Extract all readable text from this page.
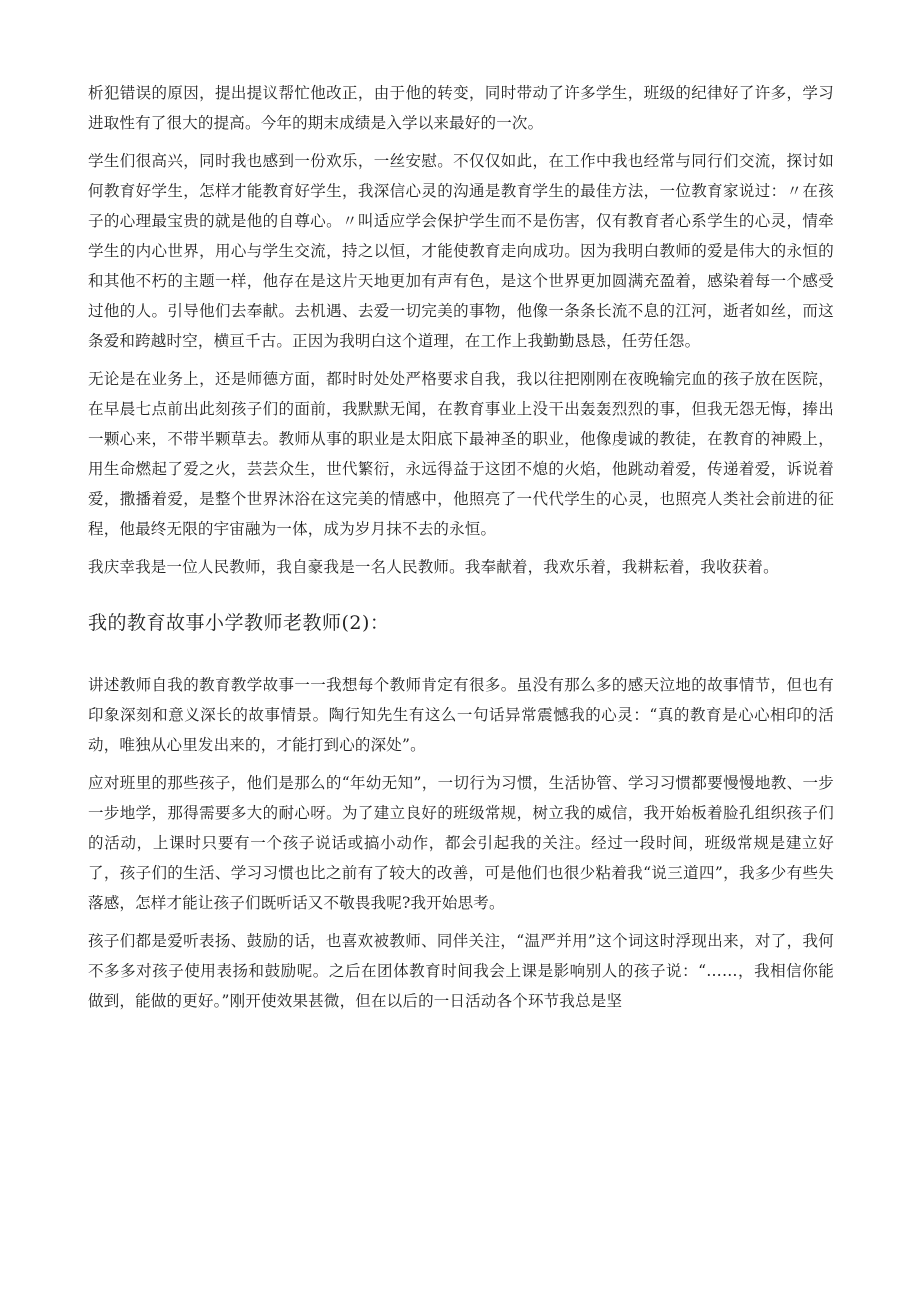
析犯错误的原因，提出提议帮忙他改正，由于他的转变，同时带动了许多学生，班级的纪律好了许多，学习进取性有了很大的提高。今年的期末成绩是入学以来最好的一次。

学生们很高兴，同时我也感到一份欢乐，一丝安慰。不仅仅如此，在工作中我也经常与同行们交流，探讨如何教育好学生，怎样才能教育好学生，我深信心灵的沟通是教育学生的最佳方法，一位教育家说过：〃在孩子的心理最宝贵的就是他的自尊心。〃叫适应学会保护学生而不是伤害，仅有教育者心系学生的心灵，情牵学生的内心世界，用心与学生交流，持之以恒，才能使教育走向成功。因为我明白教师的爱是伟大的永恒的和其他不朽的主题一样，他存在是这片天地更加有声有色，是这个世界更加圆满充盈着，感染着每一个感受过他的人。引导他们去奉献。去机遇、去爱一切完美的事物，他像一条条长流不息的江河，逝者如丝，而这条爱和跨越时空，横亘千古。正因为我明白这个道理，在工作上我勤勤恳恳，任劳任怨。

无论是在业务上，还是师德方面，都时时处处严格要求自我，我以往把刚刚在夜晚输完血的孩子放在医院，在早晨七点前出此刻孩子们的面前，我默默无闻，在教育事业上没干出轰轰烈烈的事，但我无怨无悔，捧出一颗心来，不带半颗草去。教师从事的职业是太阳底下最神圣的职业，他像虔诚的教徒，在教育的神殿上，用生命燃起了爱之火，芸芸众生，世代繁衍，永远得益于这团不熄的火焰，他跳动着爱，传递着爱，诉说着爱，撒播着爱，是整个世界沐浴在这完美的情感中，他照亮了一代代学生的心灵，也照亮人类社会前进的征程，他最终无限的宇宙融为一体，成为岁月抹不去的永恒。

我庆幸我是一位人民教师，我自豪我是一名人民教师。我奉献着，我欢乐着，我耕耘着，我收获着。

我的教育故事小学教师老教师(2)：

讲述教师自我的教育教学故事一一我想每个教师肯定有很多。虽没有那么多的感天泣地的故事情节，但也有印象深刻和意义深长的故事情景。陶行知先生有这么一句话异常震憾我的心灵：“真的教育是心心相印的活动，唯独从心里发出来的，才能打到心的深处”。

应对班里的那些孩子，他们是那么的“年幼无知”，一切行为习惯，生活协管、学习习惯都要慢慢地教、一步一步地学，那得需要多大的耐心呀。为了建立良好的班级常规，树立我的威信，我开始板着脸孔组织孩子们的活动，上课时只要有一个孩子说话或搞小动作，都会引起我的关注。经过一段时间，班级常规是建立好了，孩子们的生活、学习习惯也比之前有了较大的改善，可是他们也很少粘着我“说三道四”，我多少有些失落感，怎样才能让孩子们既听话又不敬畏我呢?我开始思考。

孩子们都是爱听表扬、鼓励的话，也喜欢被教师、同伴关注，“温严并用”这个词这时浮现出来，对了，我何不多多对孩子使用表扬和鼓励呢。之后在团体教育时间我会上课是影响别人的孩子说：“……，我相信你能做到，能做的更好。”刚开使效果甚微，但在以后的一日活动各个环节我总是坚
